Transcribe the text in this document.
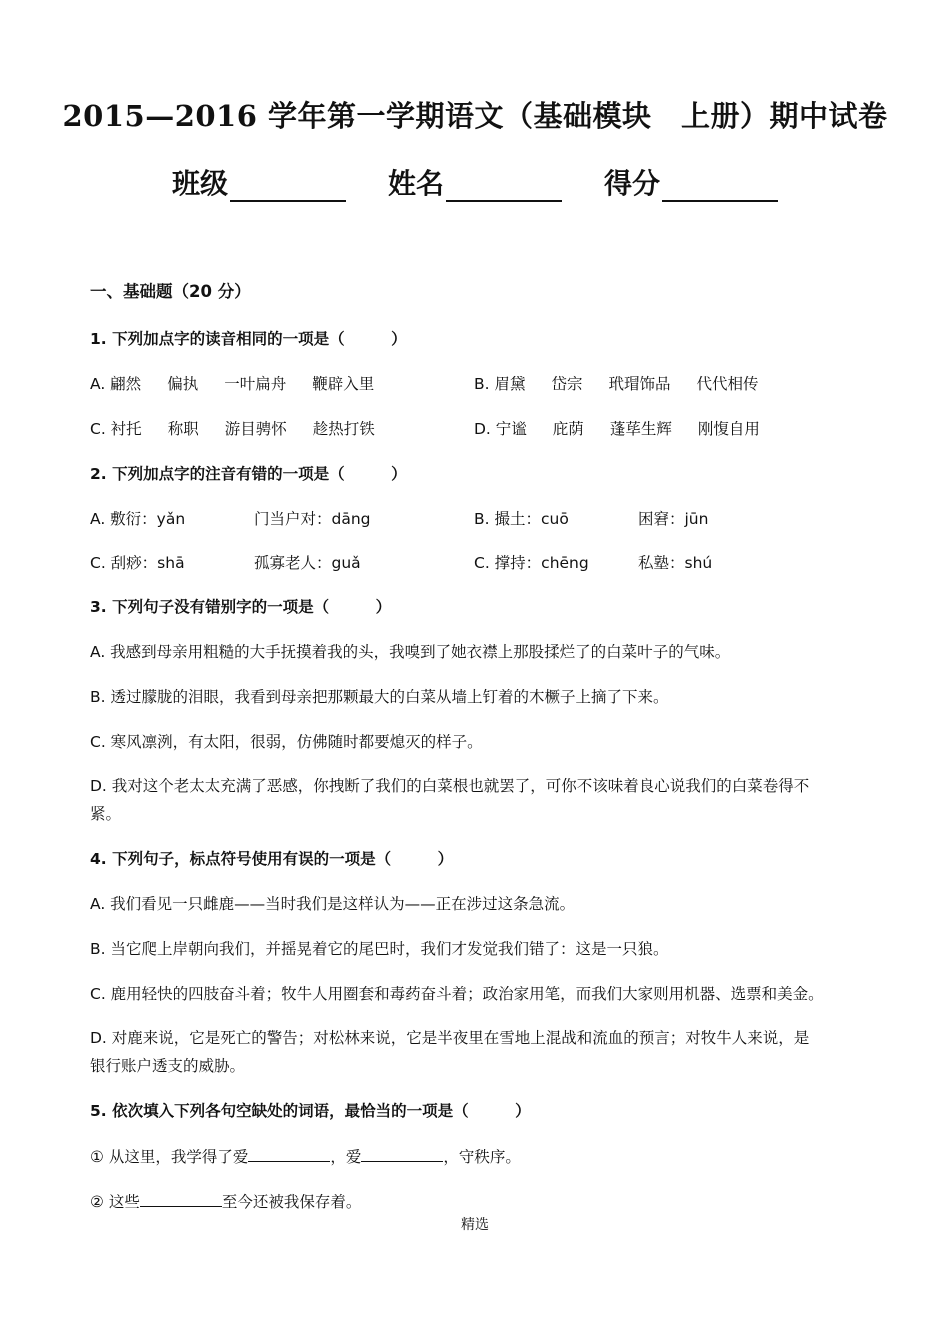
2015—2016 学年第一学期语文（基础模块　上册）期中试卷
班级	姓名	得分
一、基础题（20 分）
1. 下列加点字的读音相同的一项是（　　　）
A. 翩然 偏执 一叶扁舟 鞭辟入里	B. 眉黛 岱宗 玳瑁饰品 代代相传
C. 衬托 称职 游目骋怀 趁热打铁	D. 宁谧 庇荫 蓬荜生辉 刚愎自用
2. 下列加点字的注音有错的一项是（　　　）
A. 敷衍：yǎn	门当户对：dāng	B. 撮土：cuō	困窘：jūn
C. 刮痧：shā	孤寡老人：guǎ	C. 撑持：chēng	私塾：shú
3. 下列句子没有错别字的一项是（　　　）
A. 我感到母亲用粗糙的大手抚摸着我的头，我嗅到了她衣襟上那股揉烂了的白菜叶子的气味。
B. 透过朦胧的泪眼，我看到母亲把那颗最大的白菜从墙上钉着的木橛子上摘了下来。
C. 寒风凛洌，有太阳，很弱，仿佛随时都要熄灭的样子。
D. 我对这个老太太充满了恶感，你拽断了我们的白菜根也就罢了，可你不该味着良心说我们的白菜卷得不
紧。
4. 下列句子，标点符号使用有误的一项是（　　　）
A. 我们看见一只雌鹿——当时我们是这样认为——正在涉过这条急流。
B. 当它爬上岸朝向我们，并摇晃着它的尾巴时，我们才发觉我们错了：这是一只狼。
C. 鹿用轻快的四肢奋斗着；牧牛人用圈套和毒药奋斗着；政治家用笔，而我们大家则用机器、选票和美金。
D. 对鹿来说，它是死亡的警告；对松林来说，它是半夜里在雪地上混战和流血的预言；对牧牛人来说，是
银行账户透支的威胁。
5. 依次填入下列各句空缺处的词语，最恰当的一项是（　　　）
① 从这里，我学得了爱	，爱	，守秩序。
② 这些	至今还被我保存着。
精选
